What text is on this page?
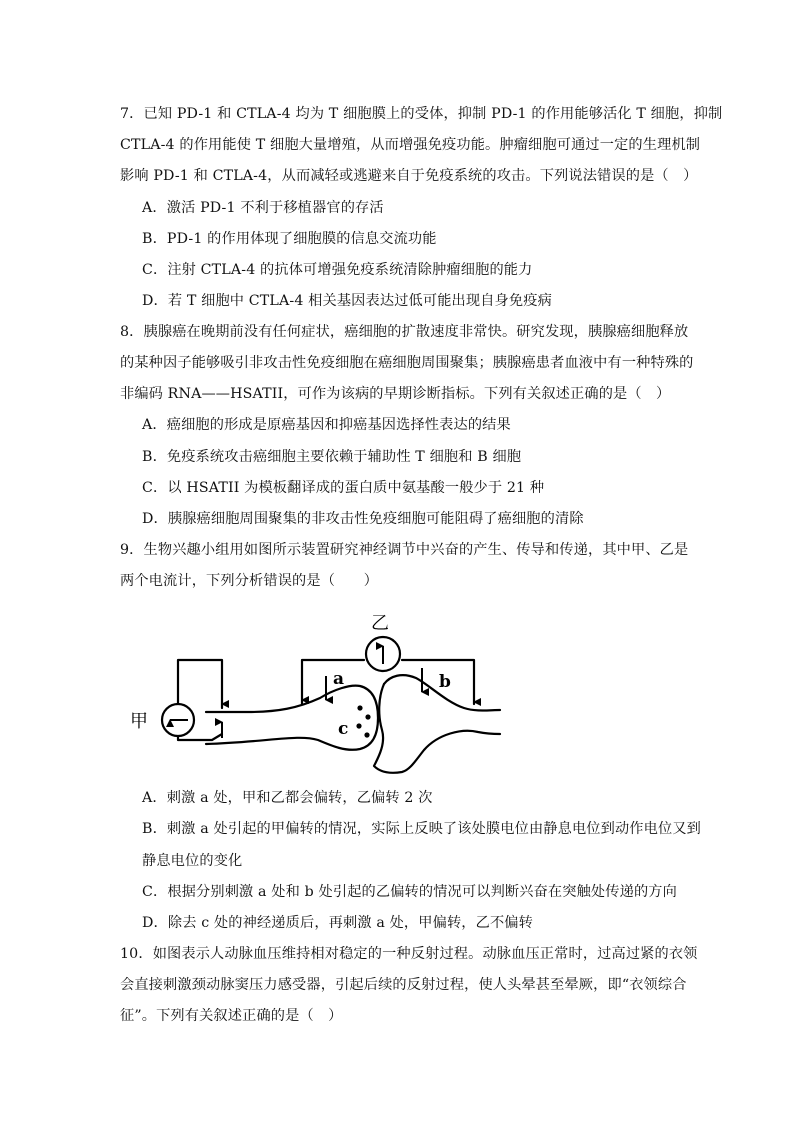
7．已知 PD-1 和 CTLA-4 均为 T 细胞膜上的受体，抑制 PD-1 的作用能够活化 T 细胞，抑制
CTLA-4 的作用能使 T 细胞大量增殖，从而增强免疫功能。肿瘤细胞可通过一定的生理机制
影响 PD-1 和 CTLA-4，从而减轻或逃避来自于免疫系统的攻击。下列说法错误的是（　）
A．激活 PD-1 不利于移植器官的存活
B．PD-1 的作用体现了细胞膜的信息交流功能
C．注射 CTLA-4 的抗体可增强免疫系统清除肿瘤细胞的能力
D．若 T 细胞中 CTLA-4 相关基因表达过低可能出现自身免疫病
8．胰腺癌在晚期前没有任何症状，癌细胞的扩散速度非常快。研究发现，胰腺癌细胞释放
的某种因子能够吸引非攻击性免疫细胞在癌细胞周围聚集；胰腺癌患者血液中有一种特殊的
非编码 RNA——HSATII，可作为该病的早期诊断指标。下列有关叙述正确的是（　）
A．癌细胞的形成是原癌基因和抑癌基因选择性表达的结果
B．免疫系统攻击癌细胞主要依赖于辅助性 T 细胞和 B 细胞
C．以 HSATII 为模板翻译成的蛋白质中氨基酸一般少于 21 种
D．胰腺癌细胞周围聚集的非攻击性免疫细胞可能阻碍了癌细胞的清除
9．生物兴趣小组用如图所示装置研究神经调节中兴奋的产生、传导和传递，其中甲、乙是
两个电流计，下列分析错误的是（　　）
甲
乙
a	b
c
A．刺激 a 处，甲和乙都会偏转，乙偏转 2 次
B．刺激 a 处引起的甲偏转的情况，实际上反映了该处膜电位由静息电位到动作电位又到
静息电位的变化
C．根据分别刺激 a 处和 b 处引起的乙偏转的情况可以判断兴奋在突触处传递的方向
D．除去 c 处的神经递质后，再刺激 a 处，甲偏转，乙不偏转
10．如图表示人动脉血压维持相对稳定的一种反射过程。动脉血压正常时，过高过紧的衣领
会直接刺激颈动脉窦压力感受器，引起后续的反射过程，使人头晕甚至晕厥，即“衣领综合
征”。下列有关叙述正确的是（　）
